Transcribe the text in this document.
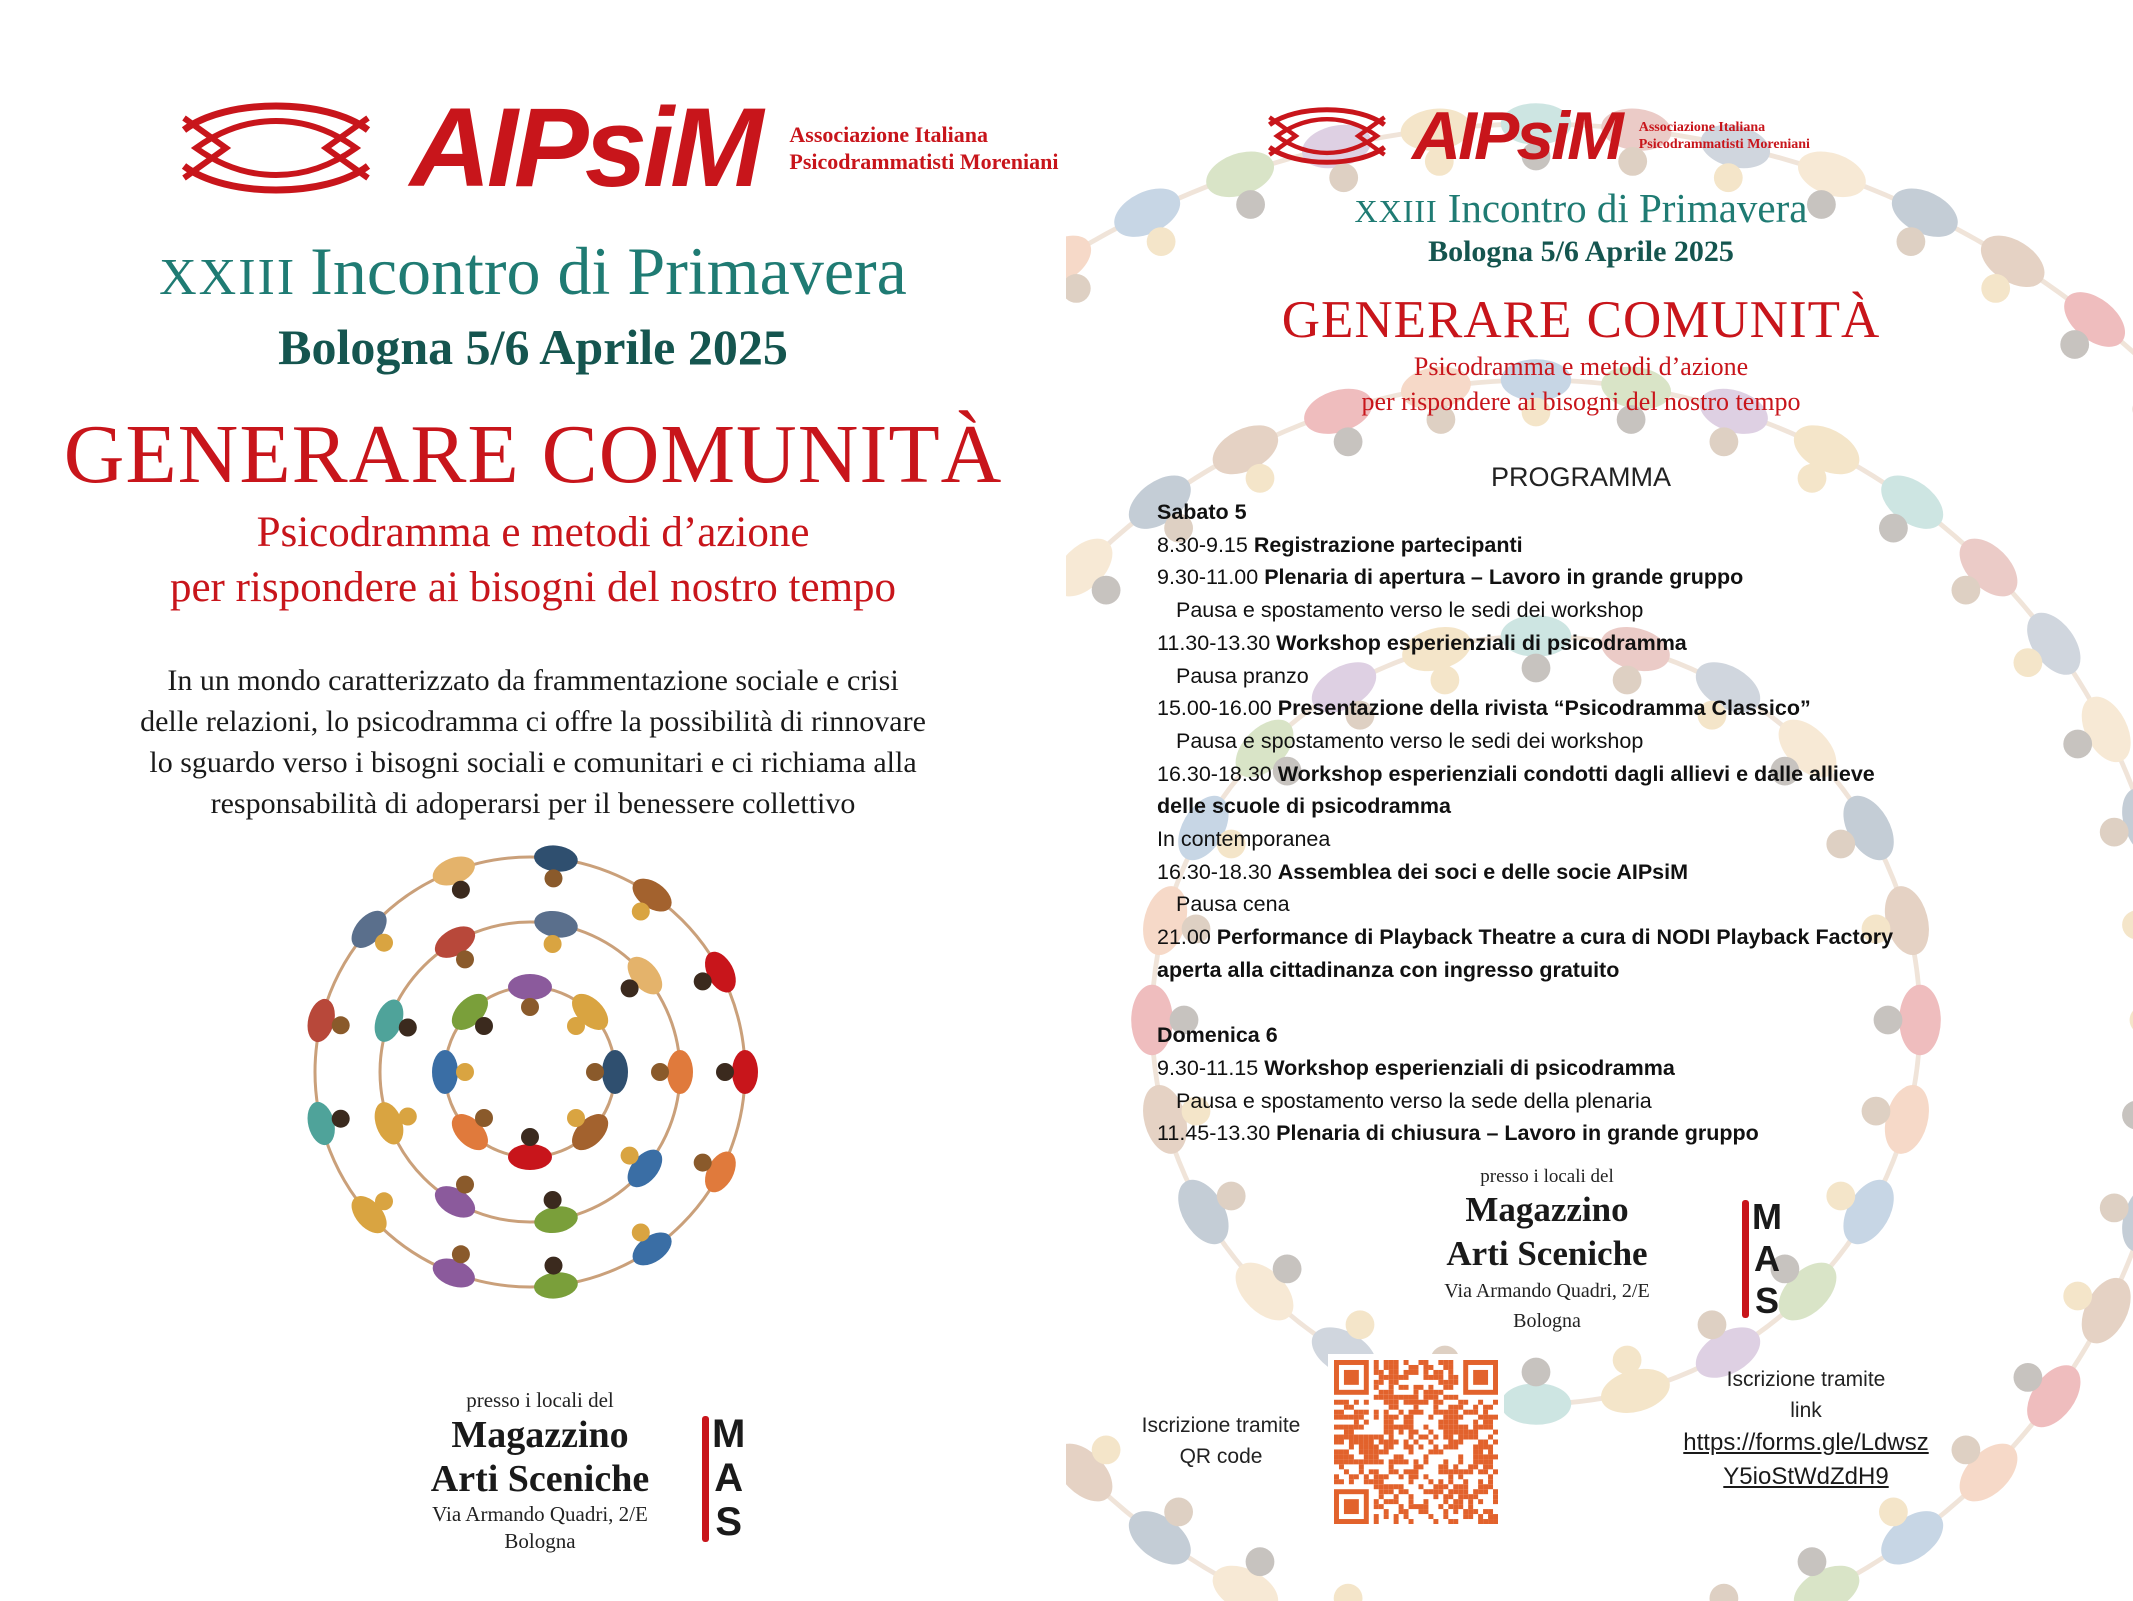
AIPsiM Associazione Italiana
Psicodrammatisti Moreniani
XXIII Incontro di Primavera
Bologna 5/6 Aprile 2025
GENERARE COMUNITÀ
Psicodramma e metodi d’azione
per rispondere ai bisogni del nostro tempo
In un mondo caratterizzato da frammentazione sociale e crisi
delle relazioni, lo psicodramma ci offre la possibilità di rinnovare
lo sguardo verso i bisogni sociali e comunitari e ci richiama alla
responsabilità di adoperarsi per il benessere collettivo
presso i locali del
Magazzino
Arti Sceniche
Via Armando Quadri, 2/E
Bologna
M
A
S
AIPsiM Associazione Italiana
Psicodrammatisti Moreniani
XXIII Incontro di Primavera
Bologna 5/6 Aprile 2025
GENERARE COMUNITÀ
Psicodramma e metodi d’azione
per rispondere ai bisogni del nostro tempo
PROGRAMMA
Sabato 5
8.30-9.15 Registrazione partecipanti
9.30-11.00 Plenaria di apertura – Lavoro in grande gruppo
Pausa e spostamento verso le sedi dei workshop
11.30-13.30 Workshop esperienziali di psicodramma
Pausa pranzo
15.00-16.00 Presentazione della rivista “Psicodramma Classico”
Pausa e spostamento verso le sedi dei workshop
16.30-18.30 Workshop esperienziali condotti dagli allievi e dalle allieve
delle scuole di psicodramma
In contemporanea
16.30-18.30 Assemblea dei soci e delle socie AIPsiM
Pausa cena
21.00 Performance di Playback Theatre a cura di NODI Playback Factory
aperta alla cittadinanza con ingresso gratuito
Domenica 6
9.30-11.15 Workshop esperienziali di psicodramma
Pausa e spostamento verso la sede della plenaria
11.45-13.30 Plenaria di chiusura – Lavoro in grande gruppo
presso i locali del
Magazzino
Arti Sceniche
Via Armando Quadri, 2/E
Bologna
M
A
S
Iscrizione tramite
QR code
Iscrizione tramite
link
https://forms.gle/Ldwsz
Y5ioStWdZdH9
